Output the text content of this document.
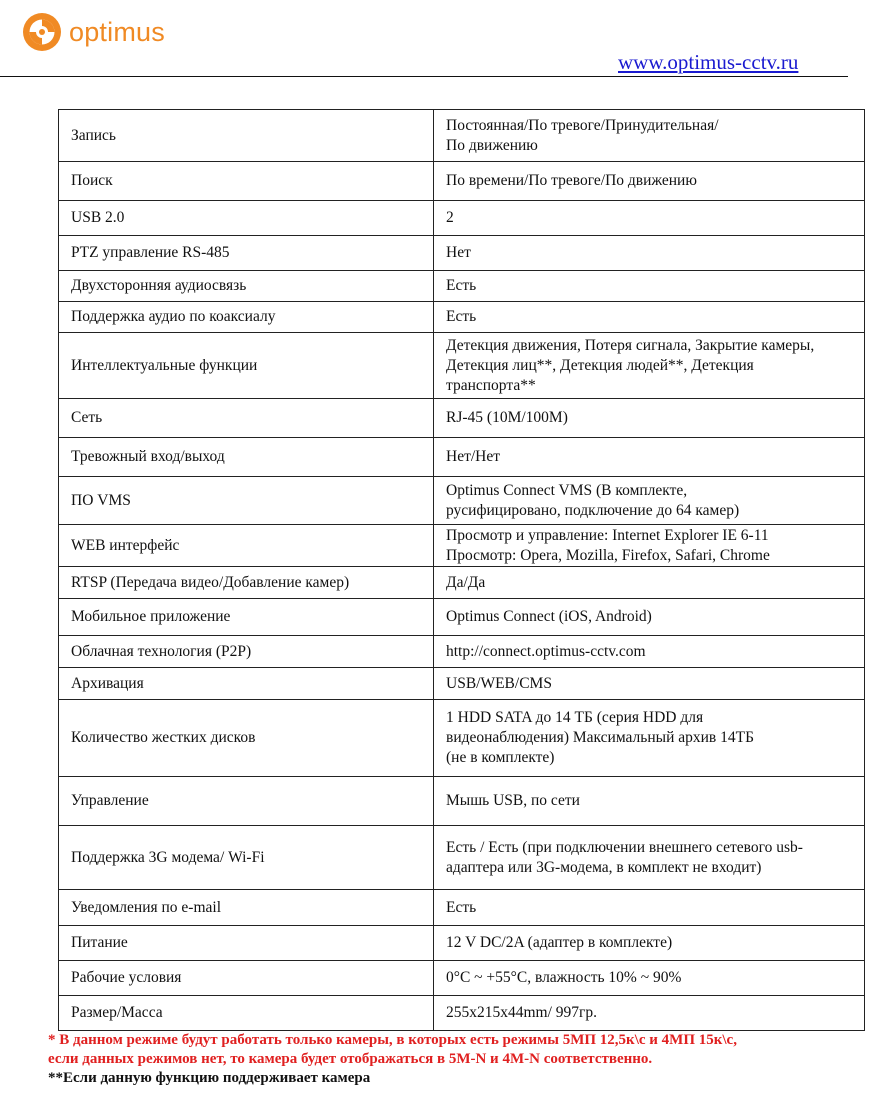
optimus
www.optimus-cctv.ru
Запись	Постоянная/По тревоге/Принудительная/
По движению

Поиск	По времени/По тревоге/По движению

USB 2.0	2

PTZ управление RS-485	Нет

Двухсторонняя аудиосвязь	Есть

Поддержка аудио по коаксиалу	Есть

Интеллектуальные функции	Детекция движения, Потеря сигнала, Закрытие камеры,
Детекция лиц**, Детекция людей**, Детекция
транспорта**

Сеть	RJ-45 (10M/100M)

Тревожный вход/выход	Нет/Нет

ПО VMS	Optimus Connect VMS (В комплекте,
русифицировано, подключение до 64 камер)

WEB интерфейс	Просмотр и управление: Internet Explorer IE 6-11
Просмотр: Opera, Mozilla, Firefox, Safari, Chrome

RTSP (Передача видео/Добавление камер)	Да/Да

Мобильное приложение	Optimus Connect (iOS, Android)

Облачная технология (P2P)	http://connect.optimus-cctv.com

Архивация	USB/WEB/CMS

Количество жестких дисков	1 HDD SATA до 14 ТБ (серия HDD для
видеонаблюдения) Максимальный архив 14ТБ
(не в комплекте)

Управление	Мышь USB, по сети

Поддержка 3G модема/ Wi-Fi	Есть / Есть (при подключении внешнего сетевого usb-
адаптера или 3G-модема, в комплект не входит)

Уведомления по e-mail	Есть

Питание	12 V DC/2A (адаптер в комплекте)

Рабочие условия	0°C ~ +55°C, влажность 10% ~ 90%

Размер/Масса	255x215x44mm/ 997гр.
* В данном режиме будут работать только камеры, в которых есть режимы 5МП 12,5к\с и 4МП 15к\с,
если данных режимов нет, то камера будет отображаться в 5M-N и 4M-N соответственно.
**Если данную функцию поддерживает камера
